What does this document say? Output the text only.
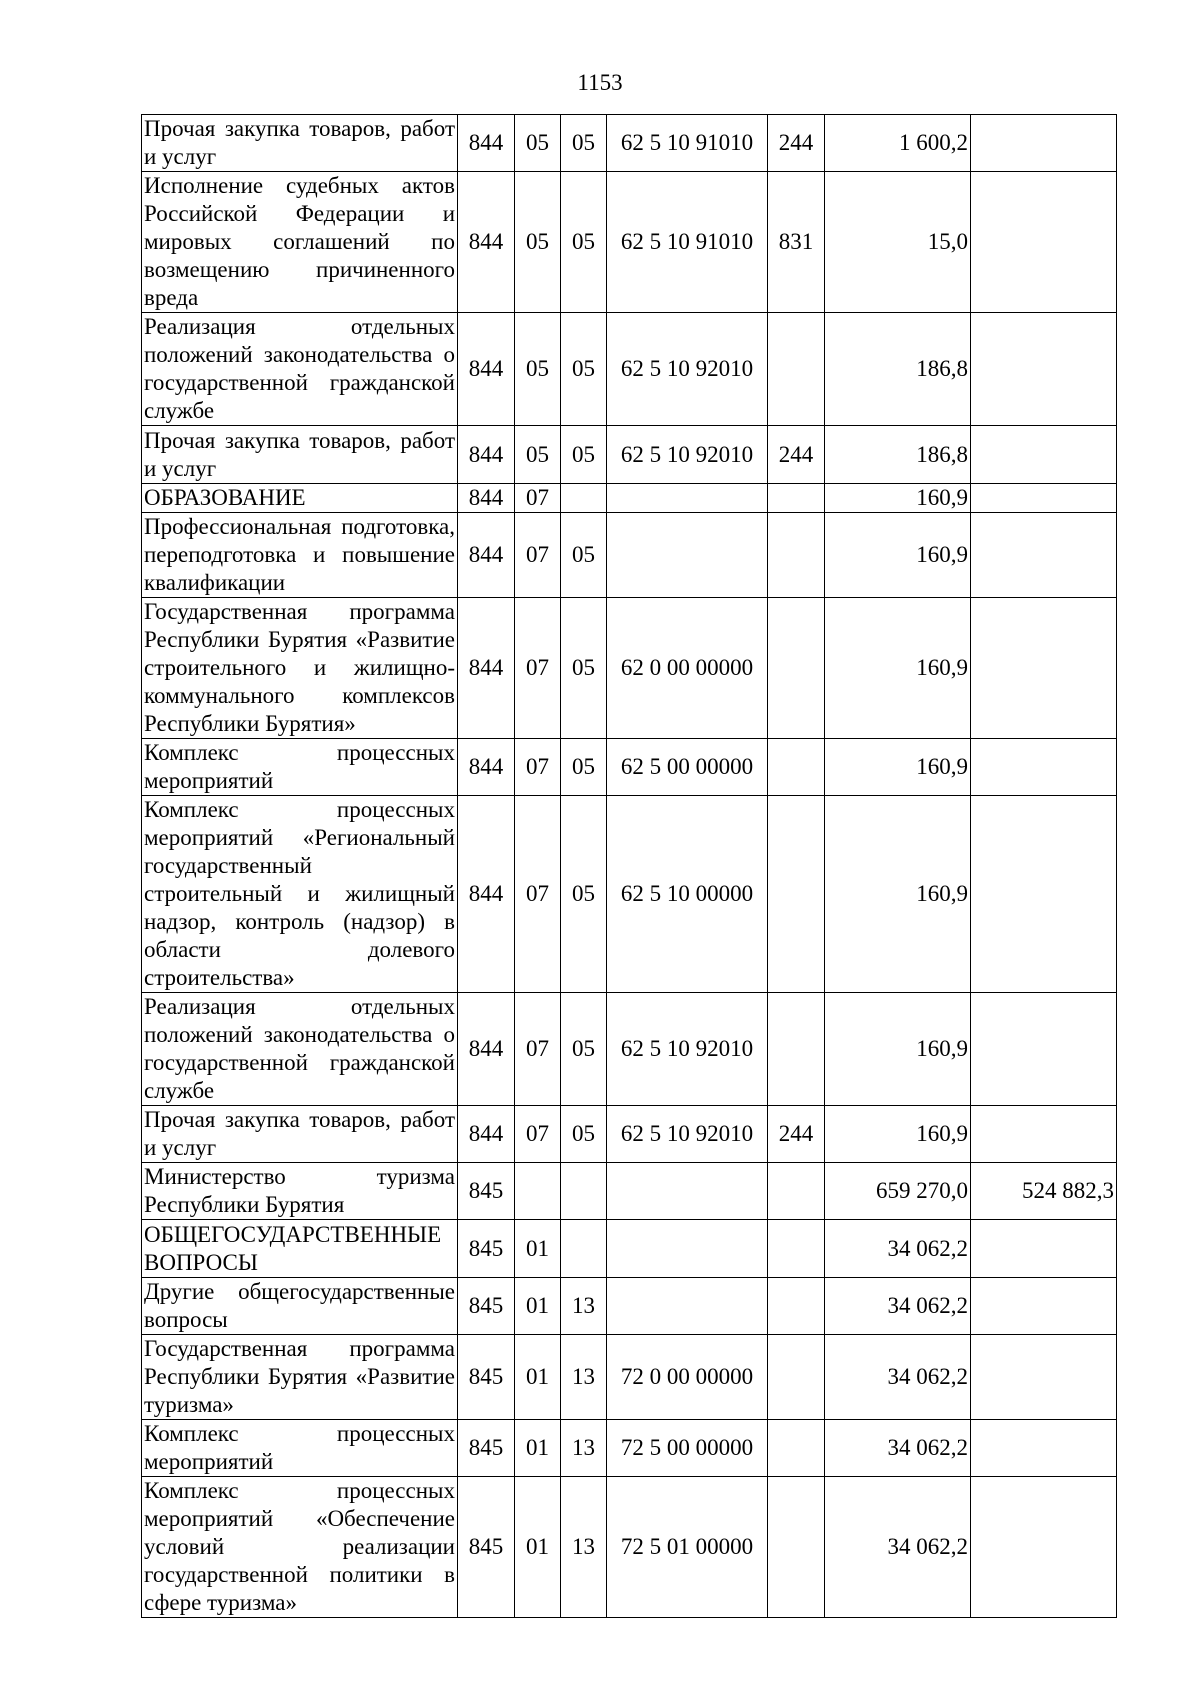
1153
Прочая закупка товаров, работ и услуг	844	05	05	62 5 10 91010	244	1 600,2	
Исполнение судебных актов Российской Федерации и мировых соглашений по возмещению причиненного вреда	844	05	05	62 5 10 91010	831	15,0	
Реализация отдельных положений законодательства о государственной гражданской службе	844	05	05	62 5 10 92010		186,8	
Прочая закупка товаров, работ и услуг	844	05	05	62 5 10 92010	244	186,8	
ОБРАЗОВАНИЕ	844	07				160,9	
Профессиональная подготовка, переподготовка и повышение квалификации	844	07	05			160,9	
Государственная программа Республики Бурятия «Развитие строительного и жилищно-коммунального комплексов Республики Бурятия»	844	07	05	62 0 00 00000		160,9	
Комплекс процессных мероприятий	844	07	05	62 5 00 00000		160,9	
Комплекс процессных мероприятий «Региональный государственный строительный и жилищный надзор, контроль (надзор) в области долевого строительства»	844	07	05	62 5 10 00000		160,9	
Реализация отдельных положений законодательства о государственной гражданской службе	844	07	05	62 5 10 92010		160,9	
Прочая закупка товаров, работ и услуг	844	07	05	62 5 10 92010	244	160,9	
Министерство туризма Республики Бурятия	845					659 270,0	524 882,3
ОБЩЕГОСУДАРСТВЕННЫЕ ВОПРОСЫ	845	01				34 062,2	
Другие общегосударственные вопросы	845	01	13			34 062,2	
Государственная программа Республики Бурятия «Развитие туризма»	845	01	13	72 0 00 00000		34 062,2	
Комплекс процессных мероприятий	845	01	13	72 5 00 00000		34 062,2	
Комплекс процессных мероприятий «Обеспечение условий реализации государственной политики в сфере туризма»	845	01	13	72 5 01 00000		34 062,2	
